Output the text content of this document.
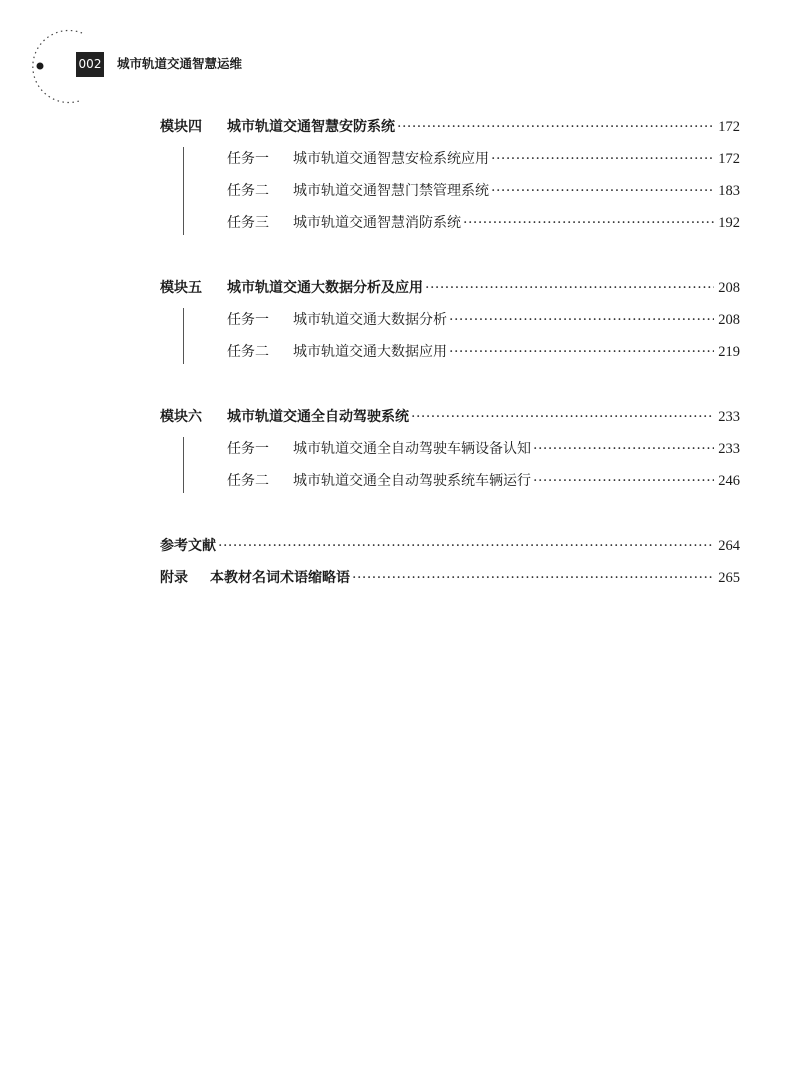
002 城市轨道交通智慧运维
模块四 城市轨道交通智慧安防系统 ·····	172
任务一 城市轨道交通智慧安检系统应用 ·····	172
任务二 城市轨道交通智慧门禁管理系统 ·····	183
任务三 城市轨道交通智慧消防系统 ·····	192
模块五 城市轨道交通大数据分析及应用 ·····	208
任务一 城市轨道交通大数据分析 ·····	208
任务二 城市轨道交通大数据应用 ·····	219
模块六 城市轨道交通全自动驾驶系统 ·····	233
任务一 城市轨道交通全自动驾驶车辆设备认知 ·····	233
任务二 城市轨道交通全自动驾驶系统车辆运行 ·····	246
参考文献 ·····	264
附录 本教材名词术语缩略语 ·····	265
